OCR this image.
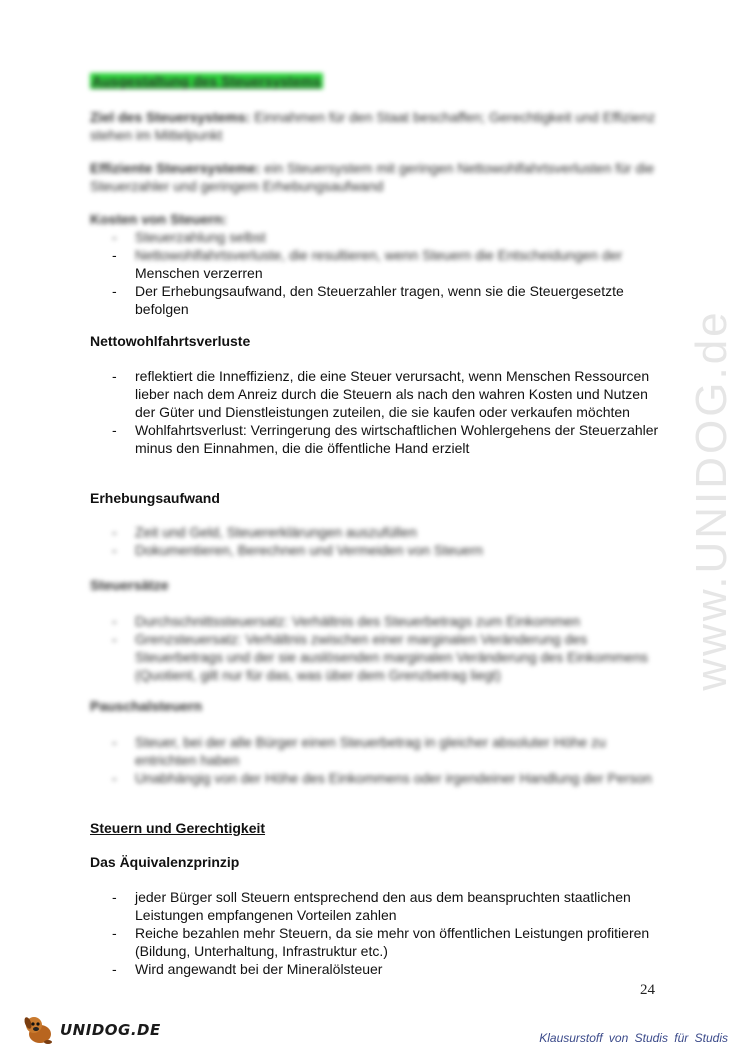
www.UNIDOG.de
Ausgestaltung des Steuersystems
Ziel des Steuersystems: Einnahmen für den Staat beschaffen; Gerechtigkeit und Effizienz stehen im Mittelpunkt
Effiziente Steuersysteme: ein Steuersystem mit geringen Nettowohlfahrtsverlusten für die Steuerzahler und geringem Erhebungsaufwand
Kosten von Steuern:
- Steuerzahlung selbst
- Nettowohlfahrtsverluste, die resultieren, wenn Steuern die Entscheidungen der
Menschen verzerren
- Der Erhebungsaufwand, den Steuerzahler tragen, wenn sie die Steuergesetzte befolgen
Nettowohlfahrtsverluste
- reflektiert die Inneffizienz, die eine Steuer verursacht, wenn Menschen Ressourcen lieber nach dem Anreiz durch die Steuern als nach den wahren Kosten und Nutzen der Güter und Dienstleistungen zuteilen, die sie kaufen oder verkaufen möchten
- Wohlfahrtsverlust: Verringerung des wirtschaftlichen Wohlergehens der Steuerzahler minus den Einnahmen, die die öffentliche Hand erzielt
Erhebungsaufwand
- Zeit und Geld, Steuererklärungen auszufüllen
- Dokumentieren, Berechnen und Vermeiden von Steuern
Steuersätze
- Durchschnittssteuersatz: Verhältnis des Steuerbetrags zum Einkommen
- Grenzsteuersatz: Verhältnis zwischen einer marginalen Veränderung des Steuerbetrags und der sie auslösenden marginalen Veränderung des Einkommens (Quotient, gilt nur für das, was über dem Grenzbetrag liegt)
Pauschalsteuern
- Steuer, bei der alle Bürger einen Steuerbetrag in gleicher absoluter Höhe zu entrichten haben
- Unabhängig von der Höhe des Einkommens oder irgendeiner Handlung der Person
Steuern und Gerechtigkeit
Das Äquivalenzprinzip
- jeder Bürger soll Steuern entsprechend den aus dem beanspruchten staatlichen Leistungen empfangenen Vorteilen zahlen
- Reiche bezahlen mehr Steuern, da sie mehr von öffentlichen Leistungen profitieren (Bildung, Unterhaltung, Infrastruktur etc.)
- Wird angewandt bei der Mineralölsteuer
24
UNIDOG.DE	Klausurstoff von Studis für Studis
